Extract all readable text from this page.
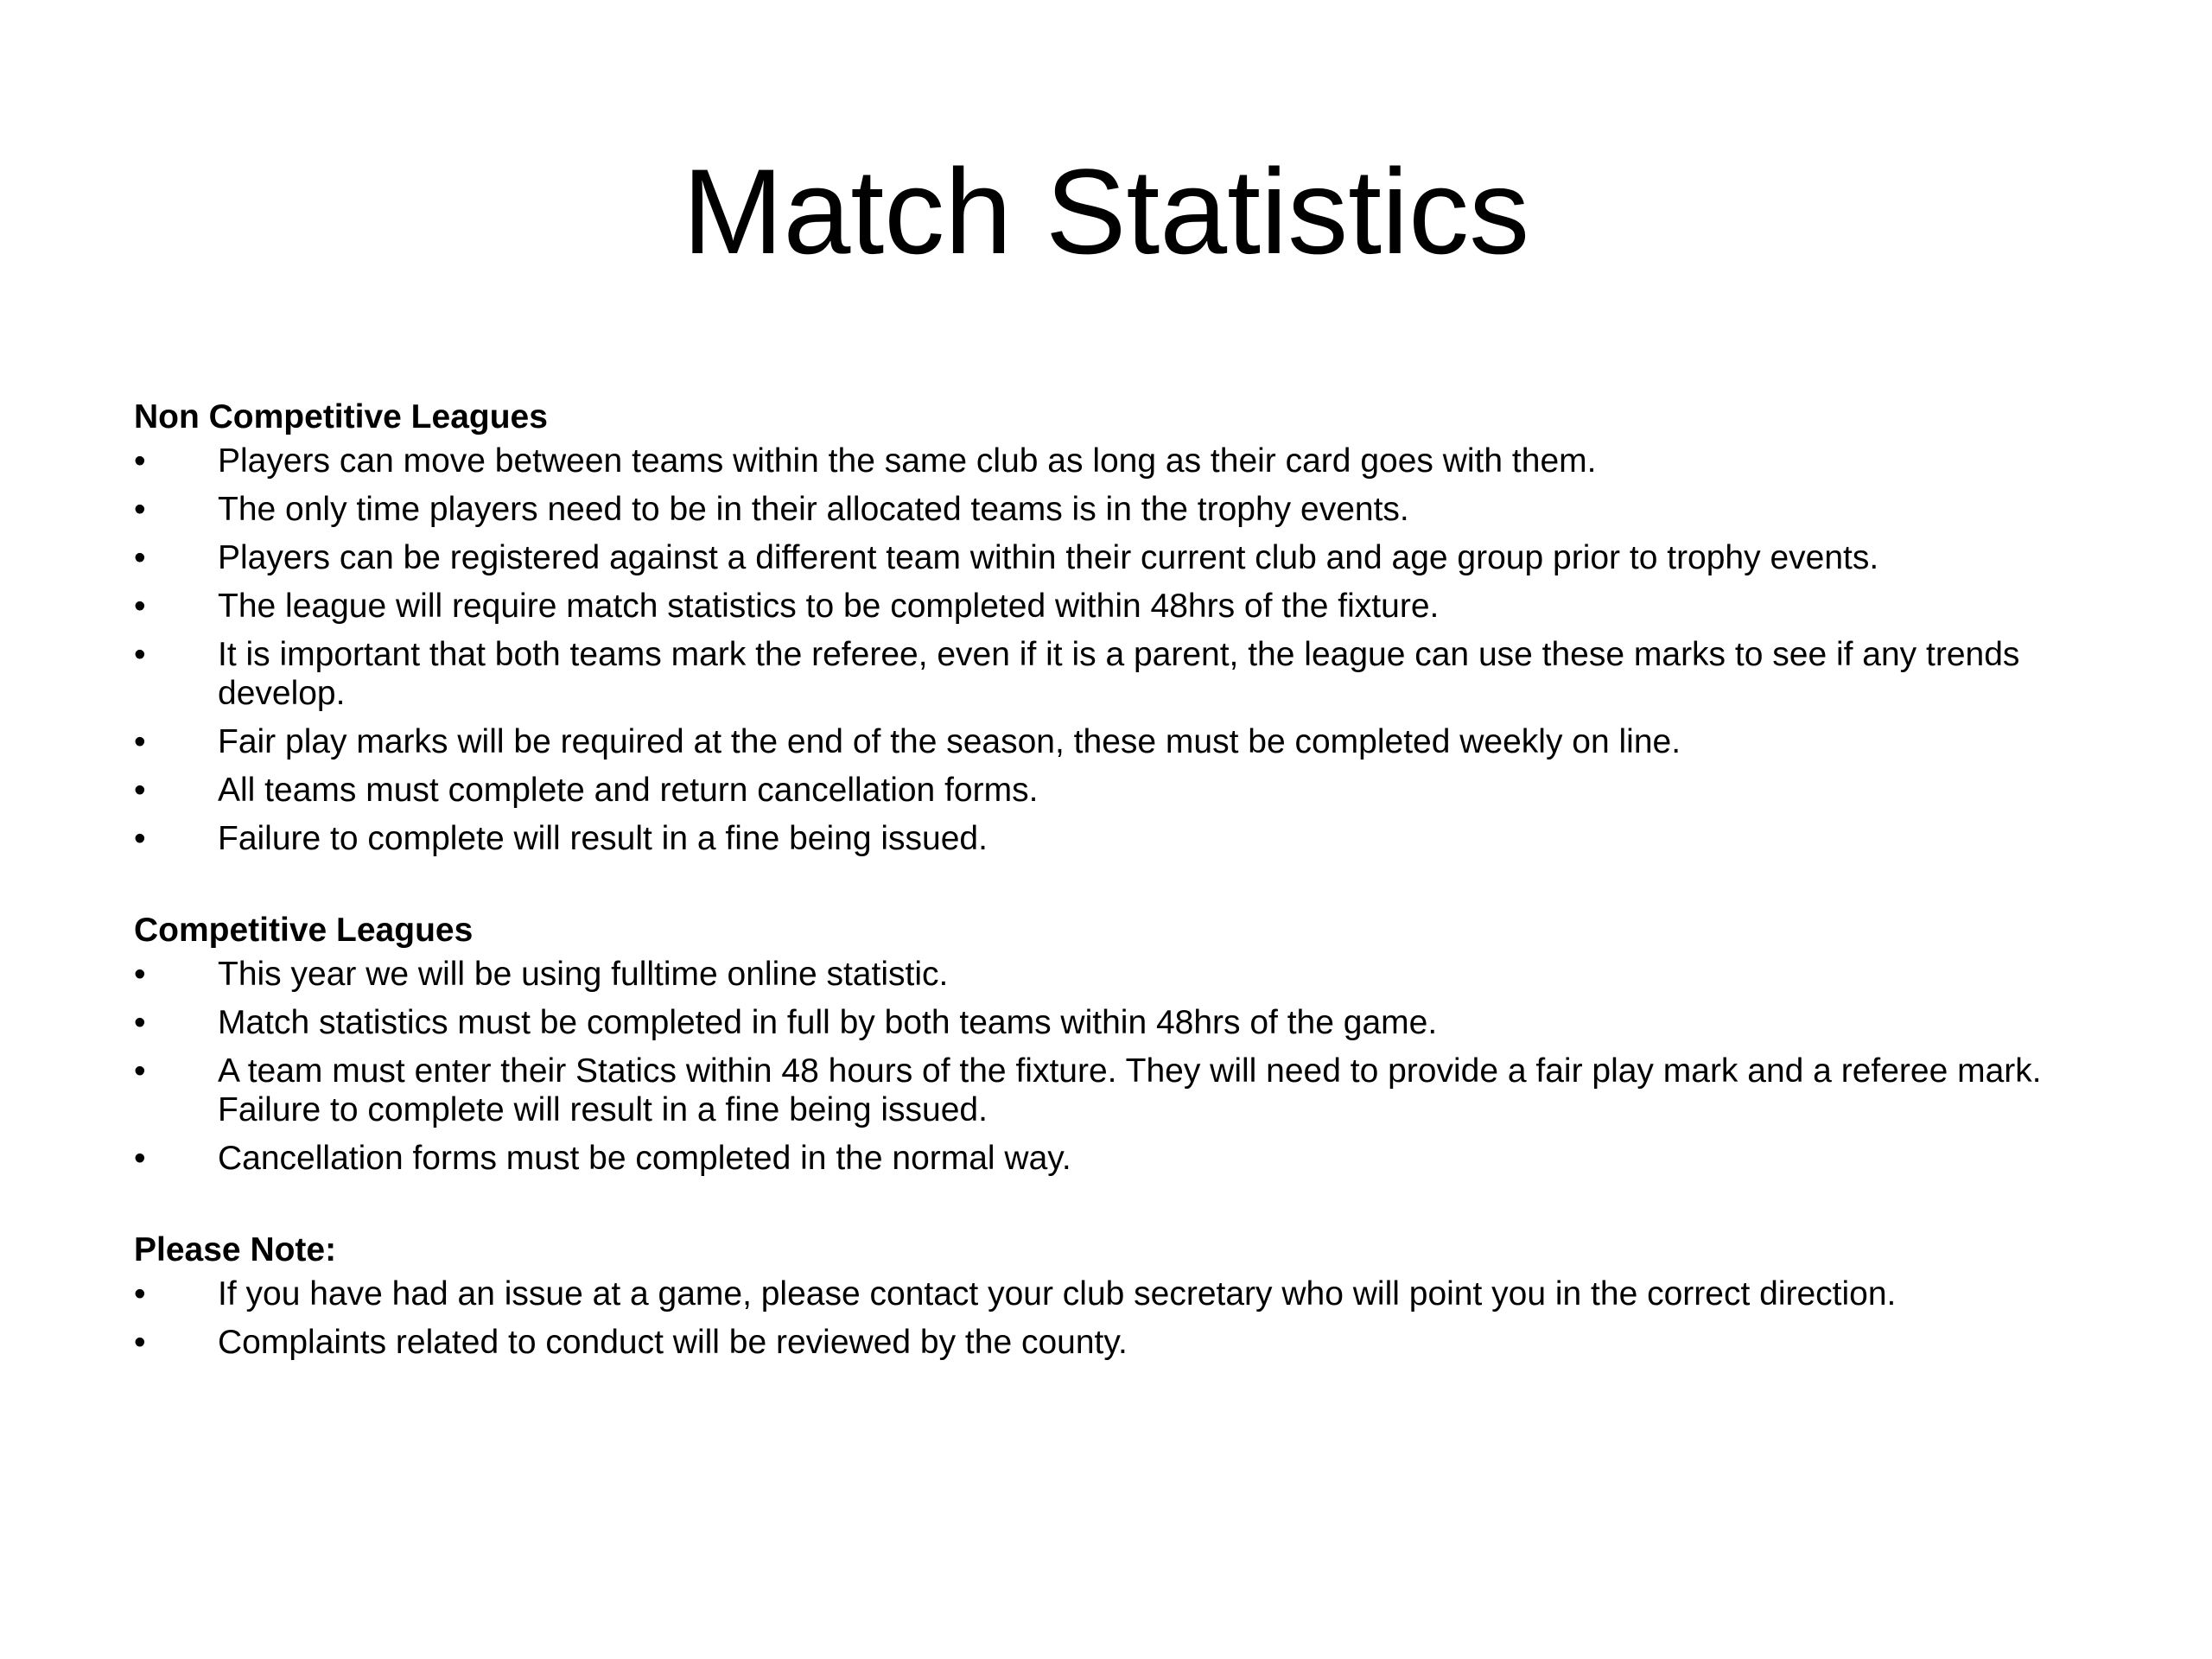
Match Statistics

Non Competitive Leagues

• Players can move between teams within the same club as long as their card goes with them.
• The only time players need to be in their allocated teams is in the trophy events.
• Players can be registered against a different team within their current club and age group prior to trophy events.
• The league will require match statistics to be completed within 48hrs of the fixture.
• It is important that both teams mark the referee, even if it is a parent, the league can use these marks to see if any trends develop.
• Fair play marks will be required at the end of the season, these must be completed weekly on line.
• All teams must complete and return cancellation forms.
• Failure to complete will result in a fine being issued.

Competitive Leagues

• This year we will be using fulltime online statistic.
• Match statistics must be completed in full by both teams within 48hrs of the game.
• A team must enter their Statics within 48 hours of the fixture. They will need to provide a fair play mark and a referee mark. Failure to complete will result in a fine being issued.
• Cancellation forms must be completed in the normal way.

Please Note:

• If you have had an issue at a game, please contact your club secretary who will point you in the correct direction.
• Complaints related to conduct will be reviewed by the county.
